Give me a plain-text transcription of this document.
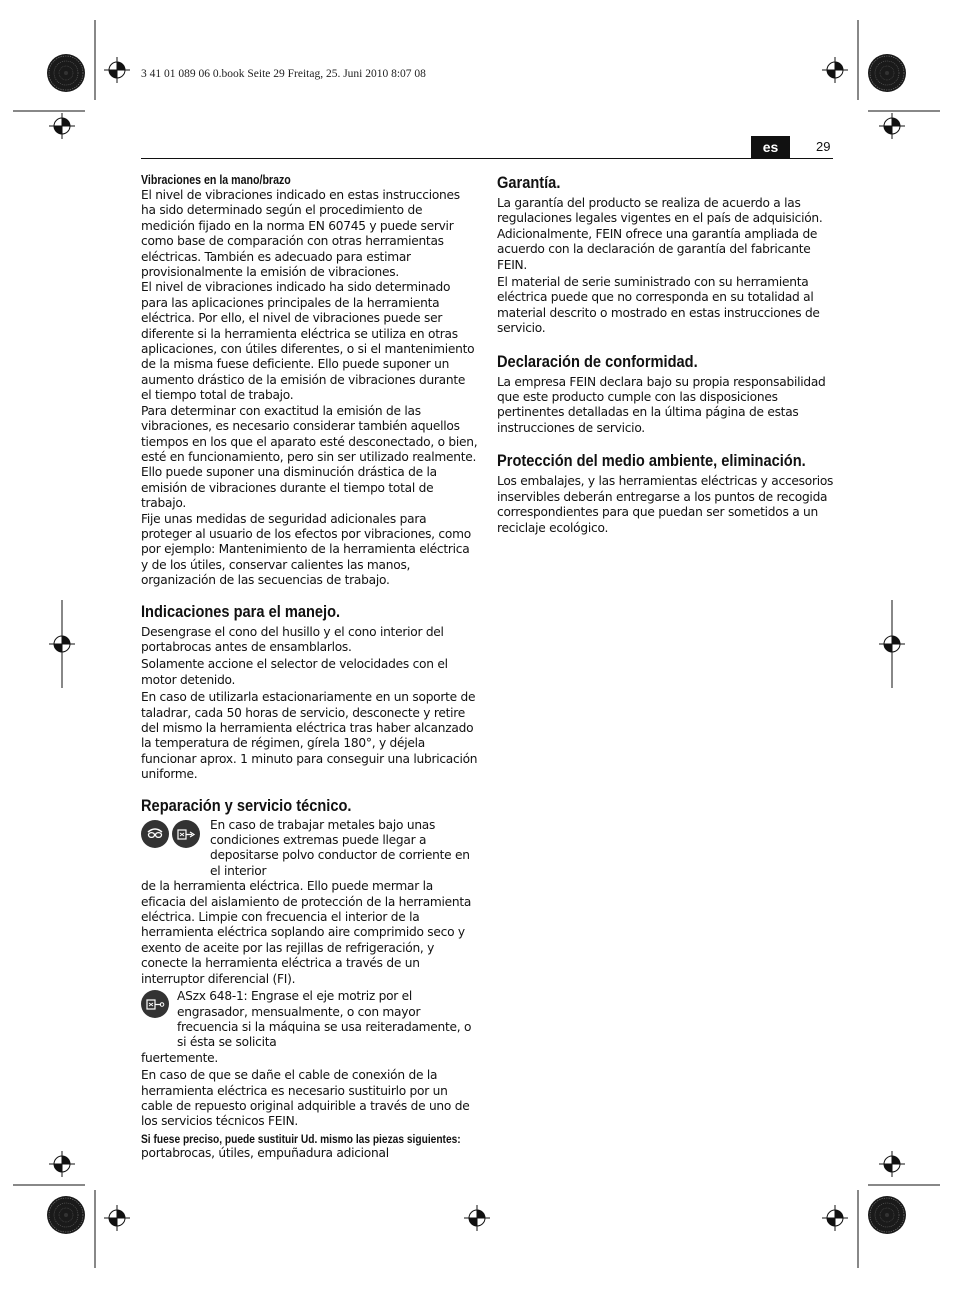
3 41 01 089 06 0.book Seite 29 Freitag, 25. Juni 2010 8:07 08
es	29
Vibraciones en la mano/brazo

El nivel de vibraciones indicado en estas instrucciones ha sido determinado según el procedimiento de medición fijado en la norma EN 60745 y puede servir como base de comparación con otras herramientas eléctricas. También es adecuado para estimar provisionalmente la emisión de vibraciones.

El nivel de vibraciones indicado ha sido determinado para las aplicaciones principales de la herramienta eléctrica. Por ello, el nivel de vibraciones puede ser diferente si la herramienta eléctrica se utiliza en otras aplicaciones, con útiles diferentes, o si el mantenimiento de la misma fuese deficiente. Ello puede suponer un aumento drástico de la emisión de vibraciones durante el tiempo total de trabajo.

Para determinar con exactitud la emisión de las vibraciones, es necesario considerar también aquellos tiempos en los que el aparato esté desconectado, o bien, esté en funcionamiento, pero sin ser utilizado realmente. Ello puede suponer una disminución drástica de la emisión de vibraciones durante el tiempo total de trabajo.

Fije unas medidas de seguridad adicionales para proteger al usuario de los efectos por vibraciones, como por ejemplo: Mantenimiento de la herramienta eléctrica y de los útiles, conservar calientes las manos, organización de las secuencias de trabajo.

Indicaciones para el manejo.

Desengrase el cono del husillo y el cono interior del portabrocas antes de ensamblarlos.

Solamente accione el selector de velocidades con el motor detenido.

En caso de utilizarla estacionariamente en un soporte de taladrar, cada 50 horas de servicio, desconecte y retire del mismo la herramienta eléctrica tras haber alcanzado la temperatura de régimen, gírela 180°, y déjela funcionar aprox. 1 minuto para conseguir una lubricación uniforme.

Reparación y servicio técnico.

En caso de trabajar metales bajo unas condiciones extremas puede llegar a depositarse polvo conductor de corriente en el interior

de la herramienta eléctrica. Ello puede mermar la eficacia del aislamiento de protección de la herramienta eléctrica. Limpie con frecuencia el interior de la herramienta eléctrica soplando aire comprimido seco y exento de aceite por las rejillas de refrigeración, y conecte la herramienta eléctrica a través de un interruptor diferencial (FI).

ASzx 648-1: Engrase el eje motriz por el engrasador, mensualmente, o con mayor frecuencia si la máquina se usa reiteradamente, o si ésta se solicita

fuertemente.

En caso de que se dañe el cable de conexión de la herramienta eléctrica es necesario sustituirlo por un cable de repuesto original adquirible a través de uno de los servicios técnicos FEIN.

Si fuese preciso, puede sustituir Ud. mismo las piezas siguientes:

portabrocas, útiles, empuñadura adicional

Garantía.

La garantía del producto se realiza de acuerdo a las regulaciones legales vigentes en el país de adquisición. Adicionalmente, FEIN ofrece una garantía ampliada de acuerdo con la declaración de garantía del fabricante FEIN.

El material de serie suministrado con su herramienta eléctrica puede que no corresponda en su totalidad al material descrito o mostrado en estas instrucciones de servicio.

Declaración de conformidad.

La empresa FEIN declara bajo su propia responsabilidad que este producto cumple con las disposiciones pertinentes detalladas en la última página de estas instrucciones de servicio.

Protección del medio ambiente, eliminación.

Los embalajes, y las herramientas eléctricas y accesorios inservibles deberán entregarse a los puntos de recogida correspondientes para que puedan ser sometidos a un reciclaje ecológico.
